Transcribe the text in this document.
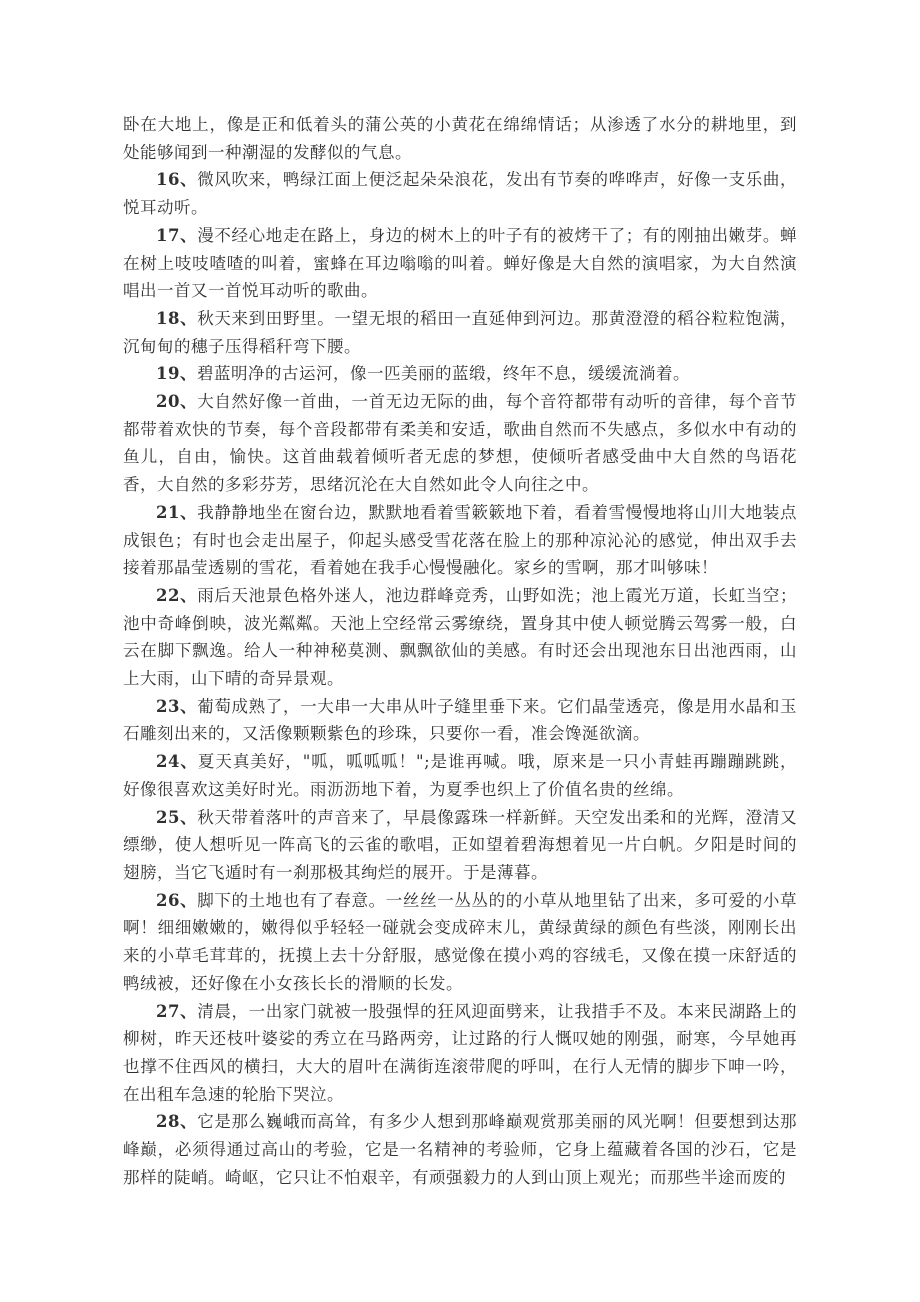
卧在大地上，像是正和低着头的蒲公英的小黄花在绵绵情话；从渗透了水分的耕地里，到处能够闻到一种潮湿的发酵似的气息。

16、微风吹来，鸭绿江面上便泛起朵朵浪花，发出有节奏的哗哗声，好像一支乐曲，悦耳动听。

17、漫不经心地走在路上，身边的树木上的叶子有的被烤干了；有的刚抽出嫩芽。蝉在树上吱吱喳喳的叫着，蜜蜂在耳边嗡嗡的叫着。蝉好像是大自然的演唱家，为大自然演唱出一首又一首悦耳动听的歌曲。

18、秋天来到田野里。一望无垠的稻田一直延伸到河边。那黄澄澄的稻谷粒粒饱满，沉甸甸的穗子压得稻秆弯下腰。

19、碧蓝明净的古运河，像一匹美丽的蓝缎，终年不息，缓缓流淌着。

20、大自然好像一首曲，一首无边无际的曲，每个音符都带有动听的音律，每个音节都带着欢快的节奏，每个音段都带有柔美和安适，歌曲自然而不失感点，多似水中有动的鱼儿，自由，愉快。这首曲载着倾听者无虑的梦想，使倾听者感受曲中大自然的鸟语花香，大自然的多彩芬芳，思绪沉沦在大自然如此令人向往之中。

21、我静静地坐在窗台边，默默地看着雪簌簌地下着，看着雪慢慢地将山川大地装点成银色；有时也会走出屋子，仰起头感受雪花落在脸上的那种凉沁沁的感觉，伸出双手去接着那晶莹透剔的雪花，看着她在我手心慢慢融化。家乡的雪啊，那才叫够味！

22、雨后天池景色格外迷人，池边群峰竞秀，山野如洗；池上霞光万道，长虹当空；池中奇峰倒映，波光粼粼。天池上空经常云雾缭绕，置身其中使人顿觉腾云驾雾一般，白云在脚下飘逸。给人一种神秘莫测、飘飘欲仙的美感。有时还会出现池东日出池西雨，山上大雨，山下晴的奇异景观。

23、葡萄成熟了，一大串一大串从叶子缝里垂下来。它们晶莹透亮，像是用水晶和玉石雕刻出来的，又活像颗颗紫色的珍珠，只要你一看，准会馋涎欲滴。

24、夏天真美好，"呱，呱呱呱！";是谁再喊。哦，原来是一只小青蛙再蹦蹦跳跳，好像很喜欢这美好时光。雨沥沥地下着，为夏季也织上了价值名贵的丝绵。

25、秋天带着落叶的声音来了，早晨像露珠一样新鲜。天空发出柔和的光辉，澄清又缥缈，使人想听见一阵高飞的云雀的歌唱，正如望着碧海想着见一片白帆。夕阳是时间的翅膀，当它飞遁时有一刹那极其绚烂的展开。于是薄暮。

26、脚下的土地也有了春意。一丝丝一丛丛的的小草从地里钻了出来，多可爱的小草啊！细细嫩嫩的，嫩得似乎轻轻一碰就会变成碎末儿，黄绿黄绿的颜色有些淡，刚刚长出来的小草毛茸茸的，抚摸上去十分舒服，感觉像在摸小鸡的容绒毛，又像在摸一床舒适的鸭绒被，还好像在小女孩长长的滑顺的长发。

27、清晨，一出家门就被一股强悍的狂风迎面劈来，让我措手不及。本来民湖路上的柳树，昨天还枝叶婆娑的秀立在马路两旁，让过路的行人慨叹她的刚强，耐寒，今早她再也撑不住西风的横扫，大大的眉叶在满街连滚带爬的呼叫，在行人无情的脚步下呻一吟，在出租车急速的轮胎下哭泣。

28、它是那么巍峨而高耸，有多少人想到那峰巅观赏那美丽的风光啊！但要想到达那峰巅，必须得通过高山的考验，它是一名精神的考验师，它身上蕴藏着各国的沙石，它是那样的陡峭。崎岖，它只让不怕艰辛，有顽强毅力的人到山顶上观光；而那些半途而废的
